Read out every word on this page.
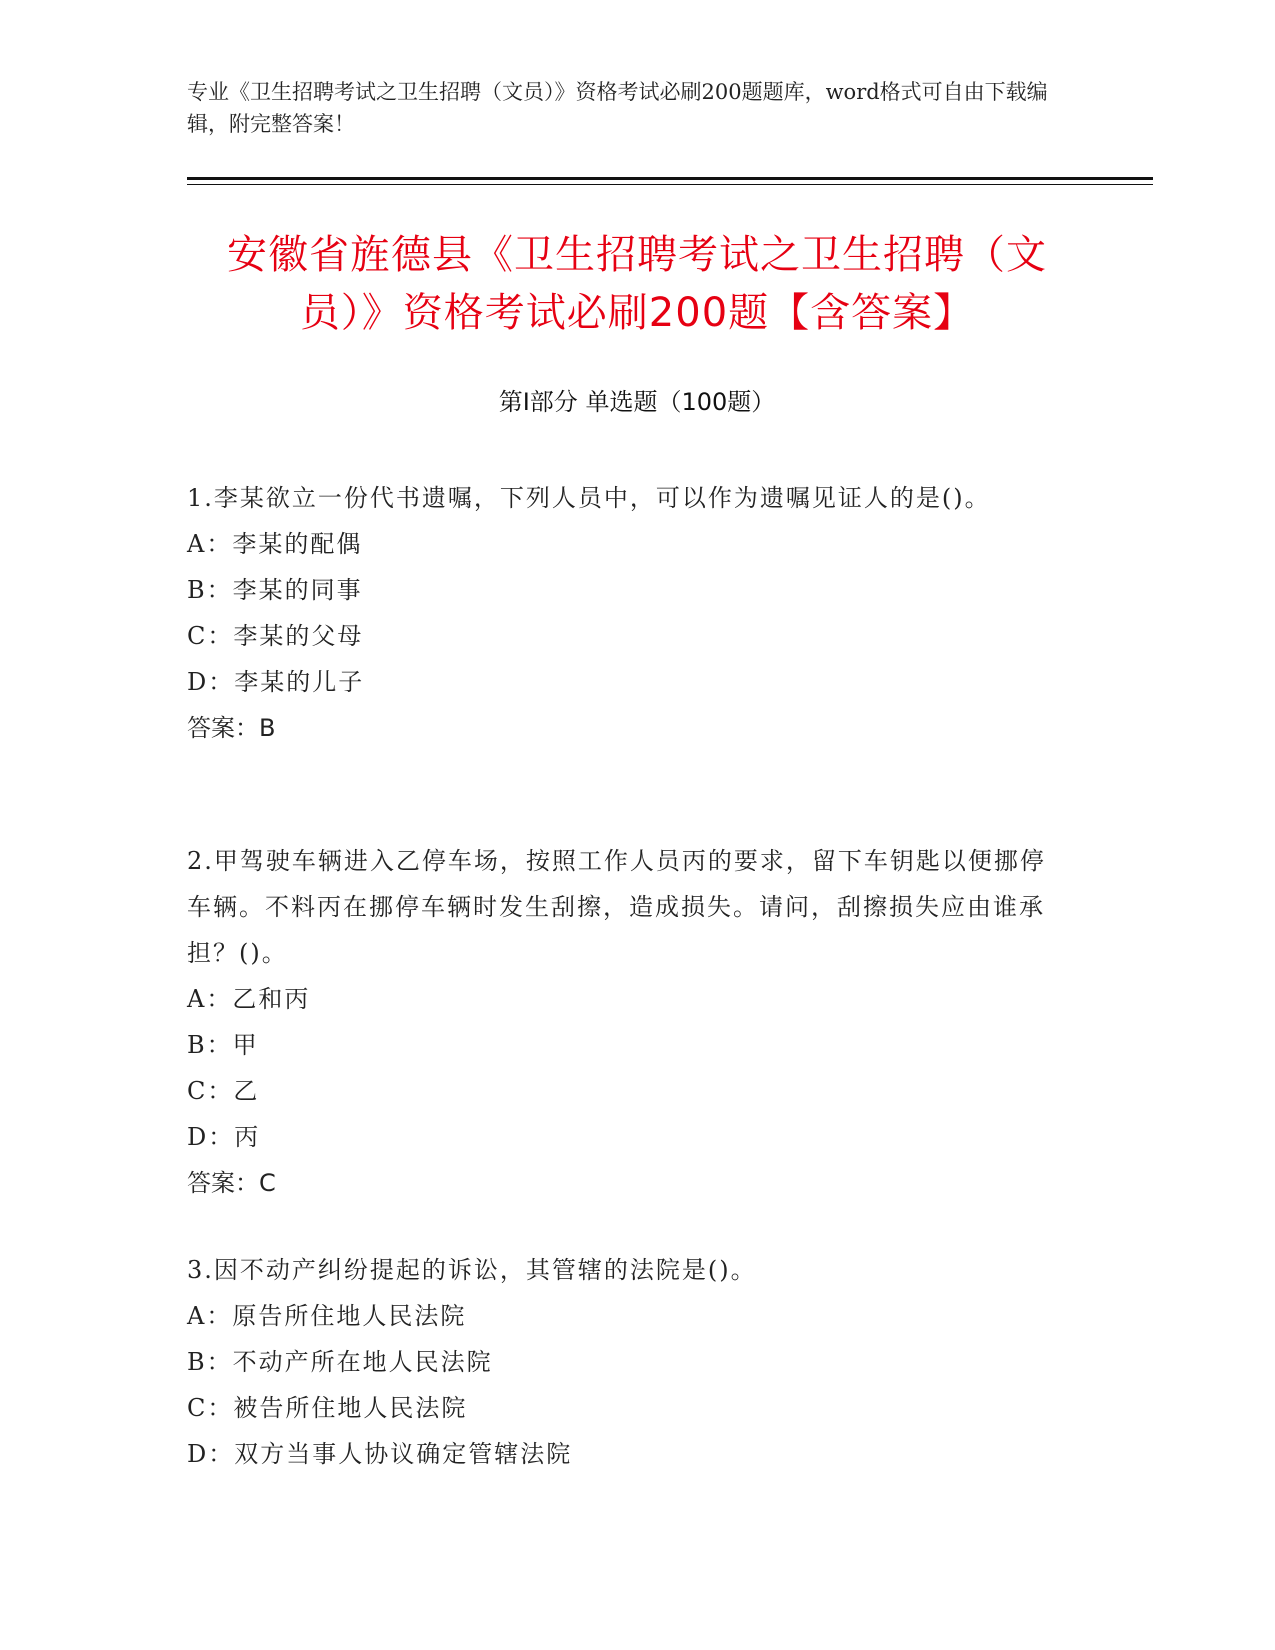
专业《卫生招聘考试之卫生招聘（文员）》资格考试必刷200题题库，word格式可自由下载编辑，附完整答案！
安徽省旌德县《卫生招聘考试之卫生招聘（文员）》资格考试必刷200题【含答案】
第Ⅰ部分 单选题（100题）
1.李某欲立一份代书遗嘱，下列人员中，可以作为遗嘱见证人的是()。
A：李某的配偶
B：李某的同事
C：李某的父母
D：李某的儿子
答案：B
2.甲驾驶车辆进入乙停车场，按照工作人员丙的要求，留下车钥匙以便挪停车辆。不料丙在挪停车辆时发生刮擦，造成损失。请问，刮擦损失应由谁承担？()。
A：乙和丙
B：甲
C：乙
D：丙
答案：C
3.因不动产纠纷提起的诉讼，其管辖的法院是()。
A：原告所住地人民法院
B：不动产所在地人民法院
C：被告所住地人民法院
D：双方当事人协议确定管辖法院
